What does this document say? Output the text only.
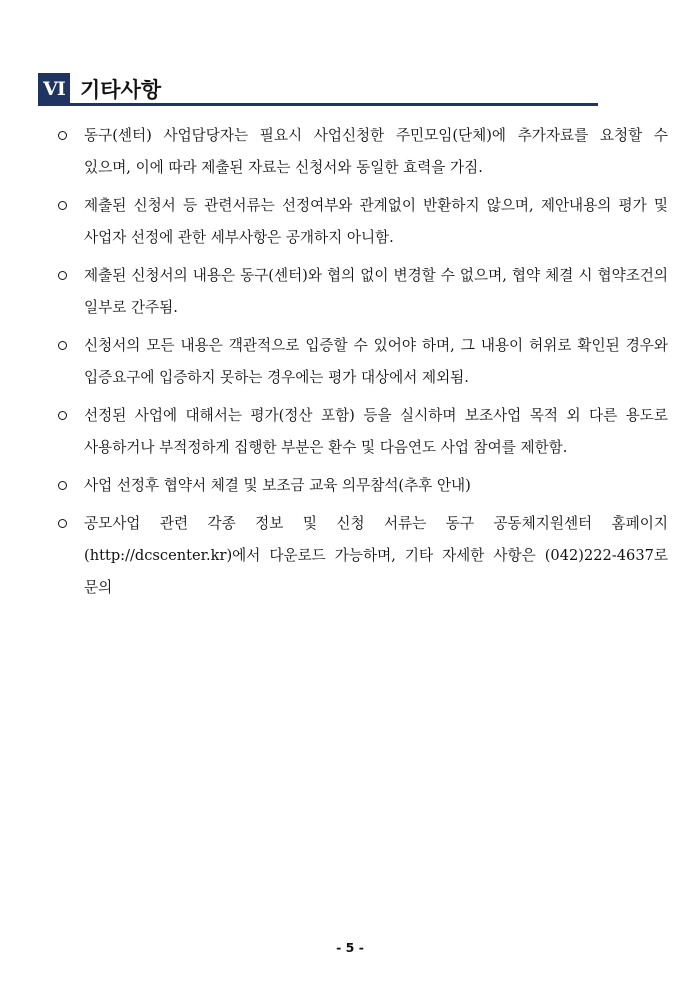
VI 기타사항
동구(센터) 사업담당자는 필요시 사업신청한 주민모임(단체)에 추가자료를 요청할 수 있으며, 이에 따라 제출된 자료는 신청서와 동일한 효력을 가짐.
제출된 신청서 등 관련서류는 선정여부와 관계없이 반환하지 않으며, 제안내용의 평가 및 사업자 선정에 관한 세부사항은 공개하지 아니함.
제출된 신청서의 내용은 동구(센터)와 협의 없이 변경할 수 없으며, 협약 체결 시 협약조건의 일부로 간주됨.
신청서의 모든 내용은 객관적으로 입증할 수 있어야 하며, 그 내용이 허위로 확인된 경우와 입증요구에 입증하지 못하는 경우에는 평가 대상에서 제외됨.
선정된 사업에 대해서는 평가(정산 포함) 등을 실시하며 보조사업 목적 외 다른 용도로 사용하거나 부적정하게 집행한 부분은 환수 및 다음연도 사업 참여를 제한함.
사업 선정후 협약서 체결 및 보조금 교육 의무참석(추후 안내)
공모사업 관련 각종 정보 및 신청 서류는 동구 공동체지원센터 홈페이지(http://dcscenter.kr)에서 다운로드 가능하며, 기타 자세한 사항은 (042)222-4637로 문의
- 5 -
